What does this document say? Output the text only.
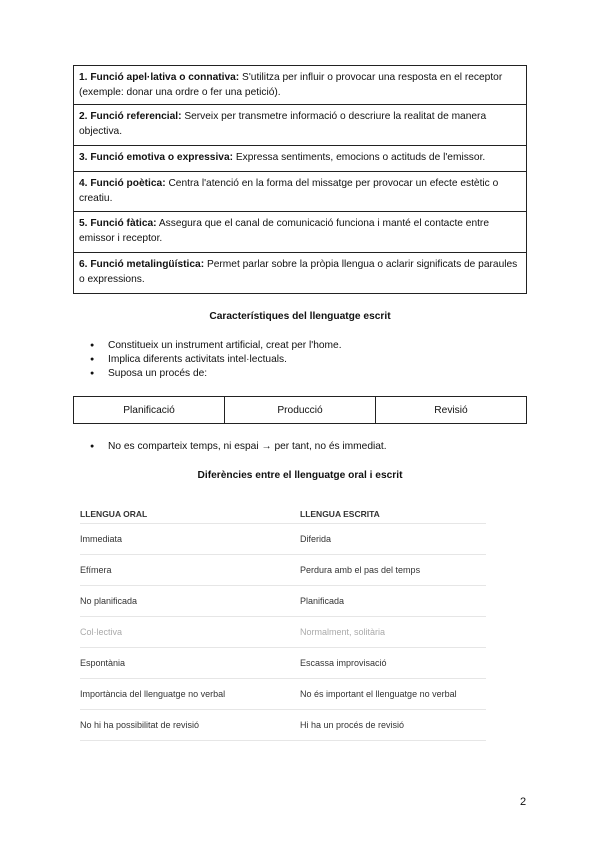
1. Funció apel·lativa o connativa: S'utilitza per influir o provocar una resposta en el receptor (exemple: donar una ordre o fer una petició).
2. Funció referencial: Serveix per transmetre informació o descriure la realitat de manera objectiva.
3. Funció emotiva o expressiva: Expressa sentiments, emocions o actituds de l'emissor.
4. Funció poètica: Centra l'atenció en la forma del missatge per provocar un efecte estètic o creatiu.
5. Funció fàtica: Assegura que el canal de comunicació funciona i manté el contacte entre emissor i receptor.
6. Funció metalingüística: Permet parlar sobre la pròpia llengua o aclarir significats de paraules o expressions.
Característiques del llenguatge escrit
● Constitueix un instrument artificial, creat per l'home.
● Implica diferents activitats intel·lectuals.
● Suposa un procés de:
Planificació	Producció	Revisió
● No es comparteix temps, ni espai → per tant, no és immediat.
Diferències entre el llenguatge oral i escrit
LLENGUA ORAL	LLENGUA ESCRITA
Immediata	Diferida
Efímera	Perdura amb el pas del temps
No planificada	Planificada
Col·lectiva	Normalment, solitària
Espontània	Escassa improvisació
Importància del llenguatge no verbal	No és important el llenguatge no verbal
No hi ha possibilitat de revisió	Hi ha un procés de revisió
2
